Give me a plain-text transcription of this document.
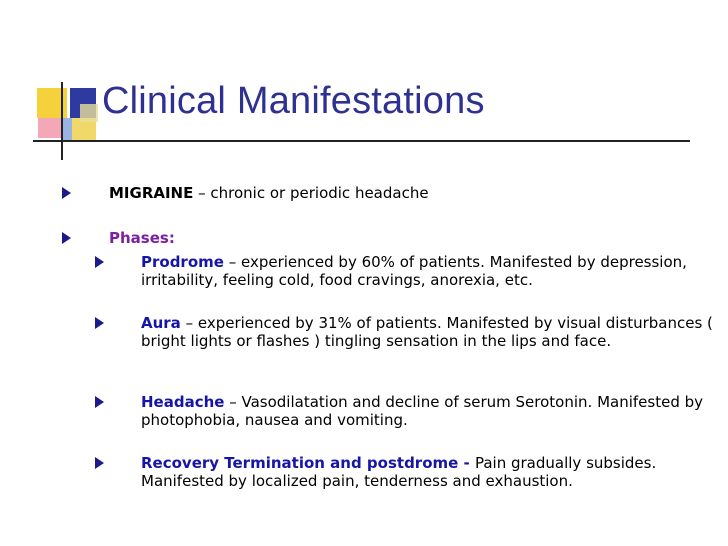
Clinical Manifestations
MIGRAINE – chronic or periodic headache
Phases:
Prodrome – experienced by 60% of patients. Manifested by depression, irritability, feeling cold, food cravings, anorexia, etc.
Aura – experienced by 31% of patients. Manifested by visual disturbances ( bright lights or flashes ) tingling sensation in the lips and face.
Headache – Vasodilatation and decline of serum Serotonin. Manifested by photophobia, nausea and vomiting.
Recovery Termination and postdrome - Pain gradually subsides. Manifested by localized pain, tenderness and exhaustion.
